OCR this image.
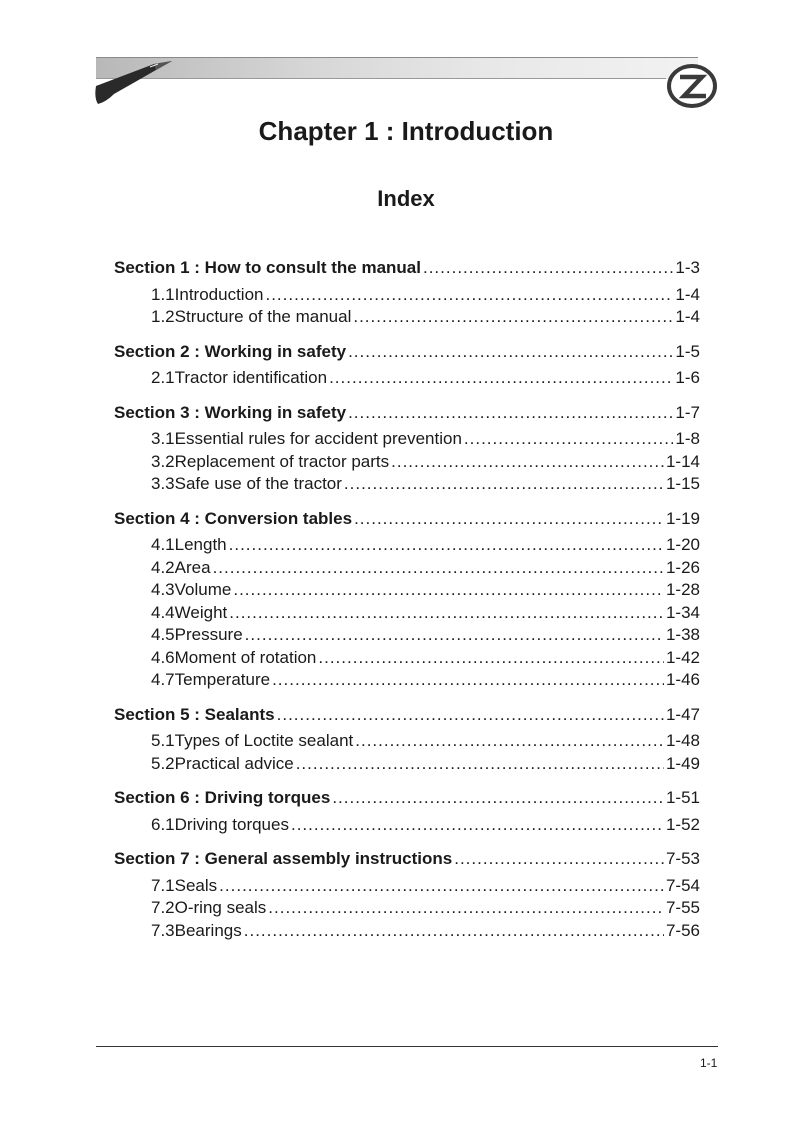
Chapter 1 : Introduction
Index
Section 1 : How to consult the manual .....	1-3
1.1 Introduction .....	1-4
1.2 Structure of the manual .....	1-4
Section 2 : Working in safety .....	1-5
2.1 Tractor identification .....	1-6
Section 3 : Working in safety .....	1-7
3.1 Essential rules for accident prevention .....	1-8
3.2 Replacement of tractor parts .....	1-14
3.3 Safe use of the tractor .....	1-15
Section 4 : Conversion tables .....	1-19
4.1 Length .....	1-20
4.2 Area .....	1-26
4.3 Volume .....	1-28
4.4 Weight .....	1-34
4.5 Pressure .....	1-38
4.6 Moment of rotation .....	1-42
4.7 Temperature .....	1-46
Section 5 : Sealants .....	1-47
5.1 Types of Loctite sealant .....	1-48
5.2 Practical advice .....	1-49
Section 6 : Driving torques .....	1-51
6.1 Driving torques .....	1-52
Section 7 : General assembly instructions .....	7-53
7.1 Seals .....	7-54
7.2 O-ring seals .....	7-55
7.3 Bearings .....	7-56
1-1
